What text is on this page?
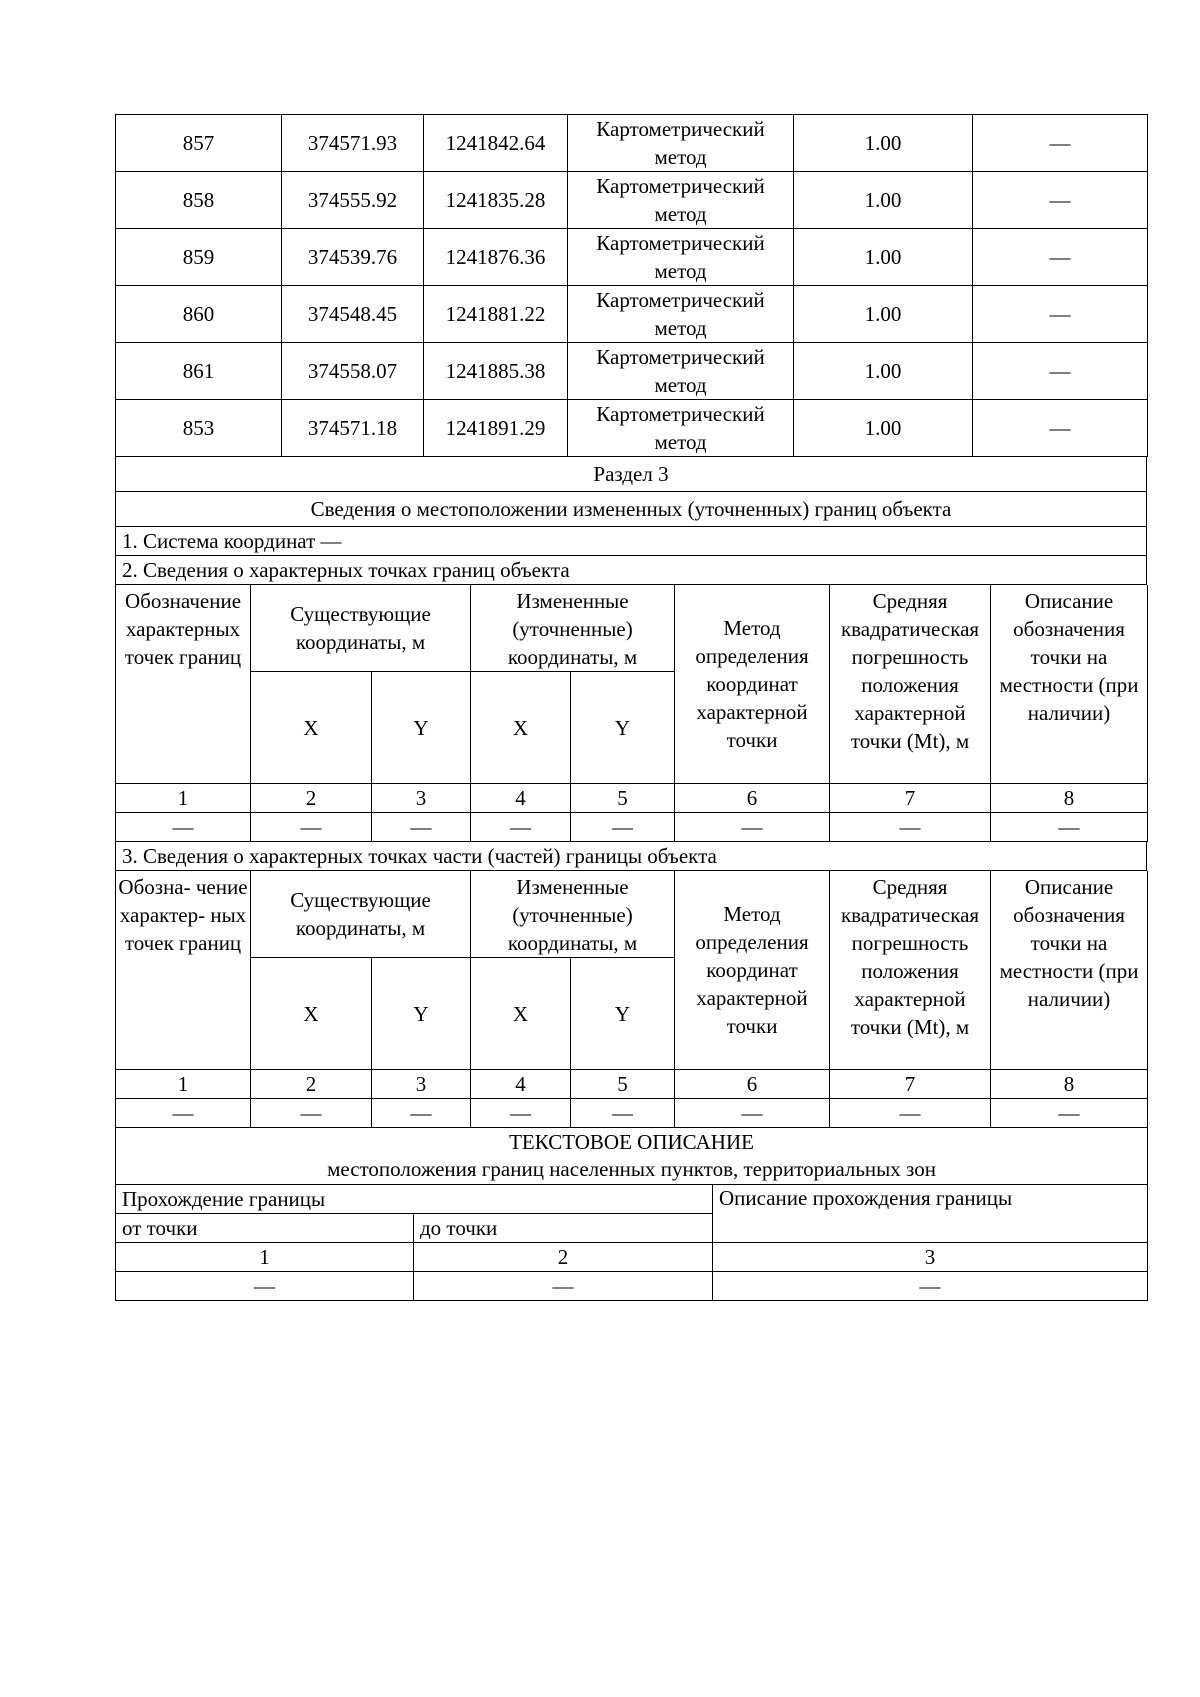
857	374571.93	1241842.64	Картометрический метод	1.00	—
858	374555.92	1241835.28	Картометрический метод	1.00	—
859	374539.76	1241876.36	Картометрический метод	1.00	—
860	374548.45	1241881.22	Картометрический метод	1.00	—
861	374558.07	1241885.38	Картометрический метод	1.00	—
853	374571.18	1241891.29	Картометрический метод	1.00	—
Раздел 3
Сведения о местоположении измененных (уточненных) границ объекта
1. Система координат —
2. Сведения о характерных точках границ объекта
Обозначение характерных точек границ	Существующие координаты, м		Измененные (уточненные) координаты, м		Метод определения координат характерной точки	Средняя квадратическая погрешность положения характерной точки (Mt), м	Описание обозначения точки на местности (при наличии)
	X	Y	X	Y			
1	2	3	4	5	6	7	8
—	—	—	—	—	—	—	—
3. Сведения о характерных точках части (частей) границы объекта
Обозна- чение характер- ных точек границ	Существующие координаты, м		Измененные (уточненные) координаты, м		Метод определения координат характерной точки	Средняя квадратическая погрешность положения характерной точки (Mt), м	Описание обозначения точки на местности (при наличии)
	X	Y	X	Y			
1	2	3	4	5	6	7	8
—	—	—	—	—	—	—	—
ТЕКСТОВОЕ ОПИСАНИЕ
местоположения границ населенных пунктов, территориальных зон		

Прохождение границы		Описание прохождения границы
от точки	до точки	
1	2	3
—	—	—
